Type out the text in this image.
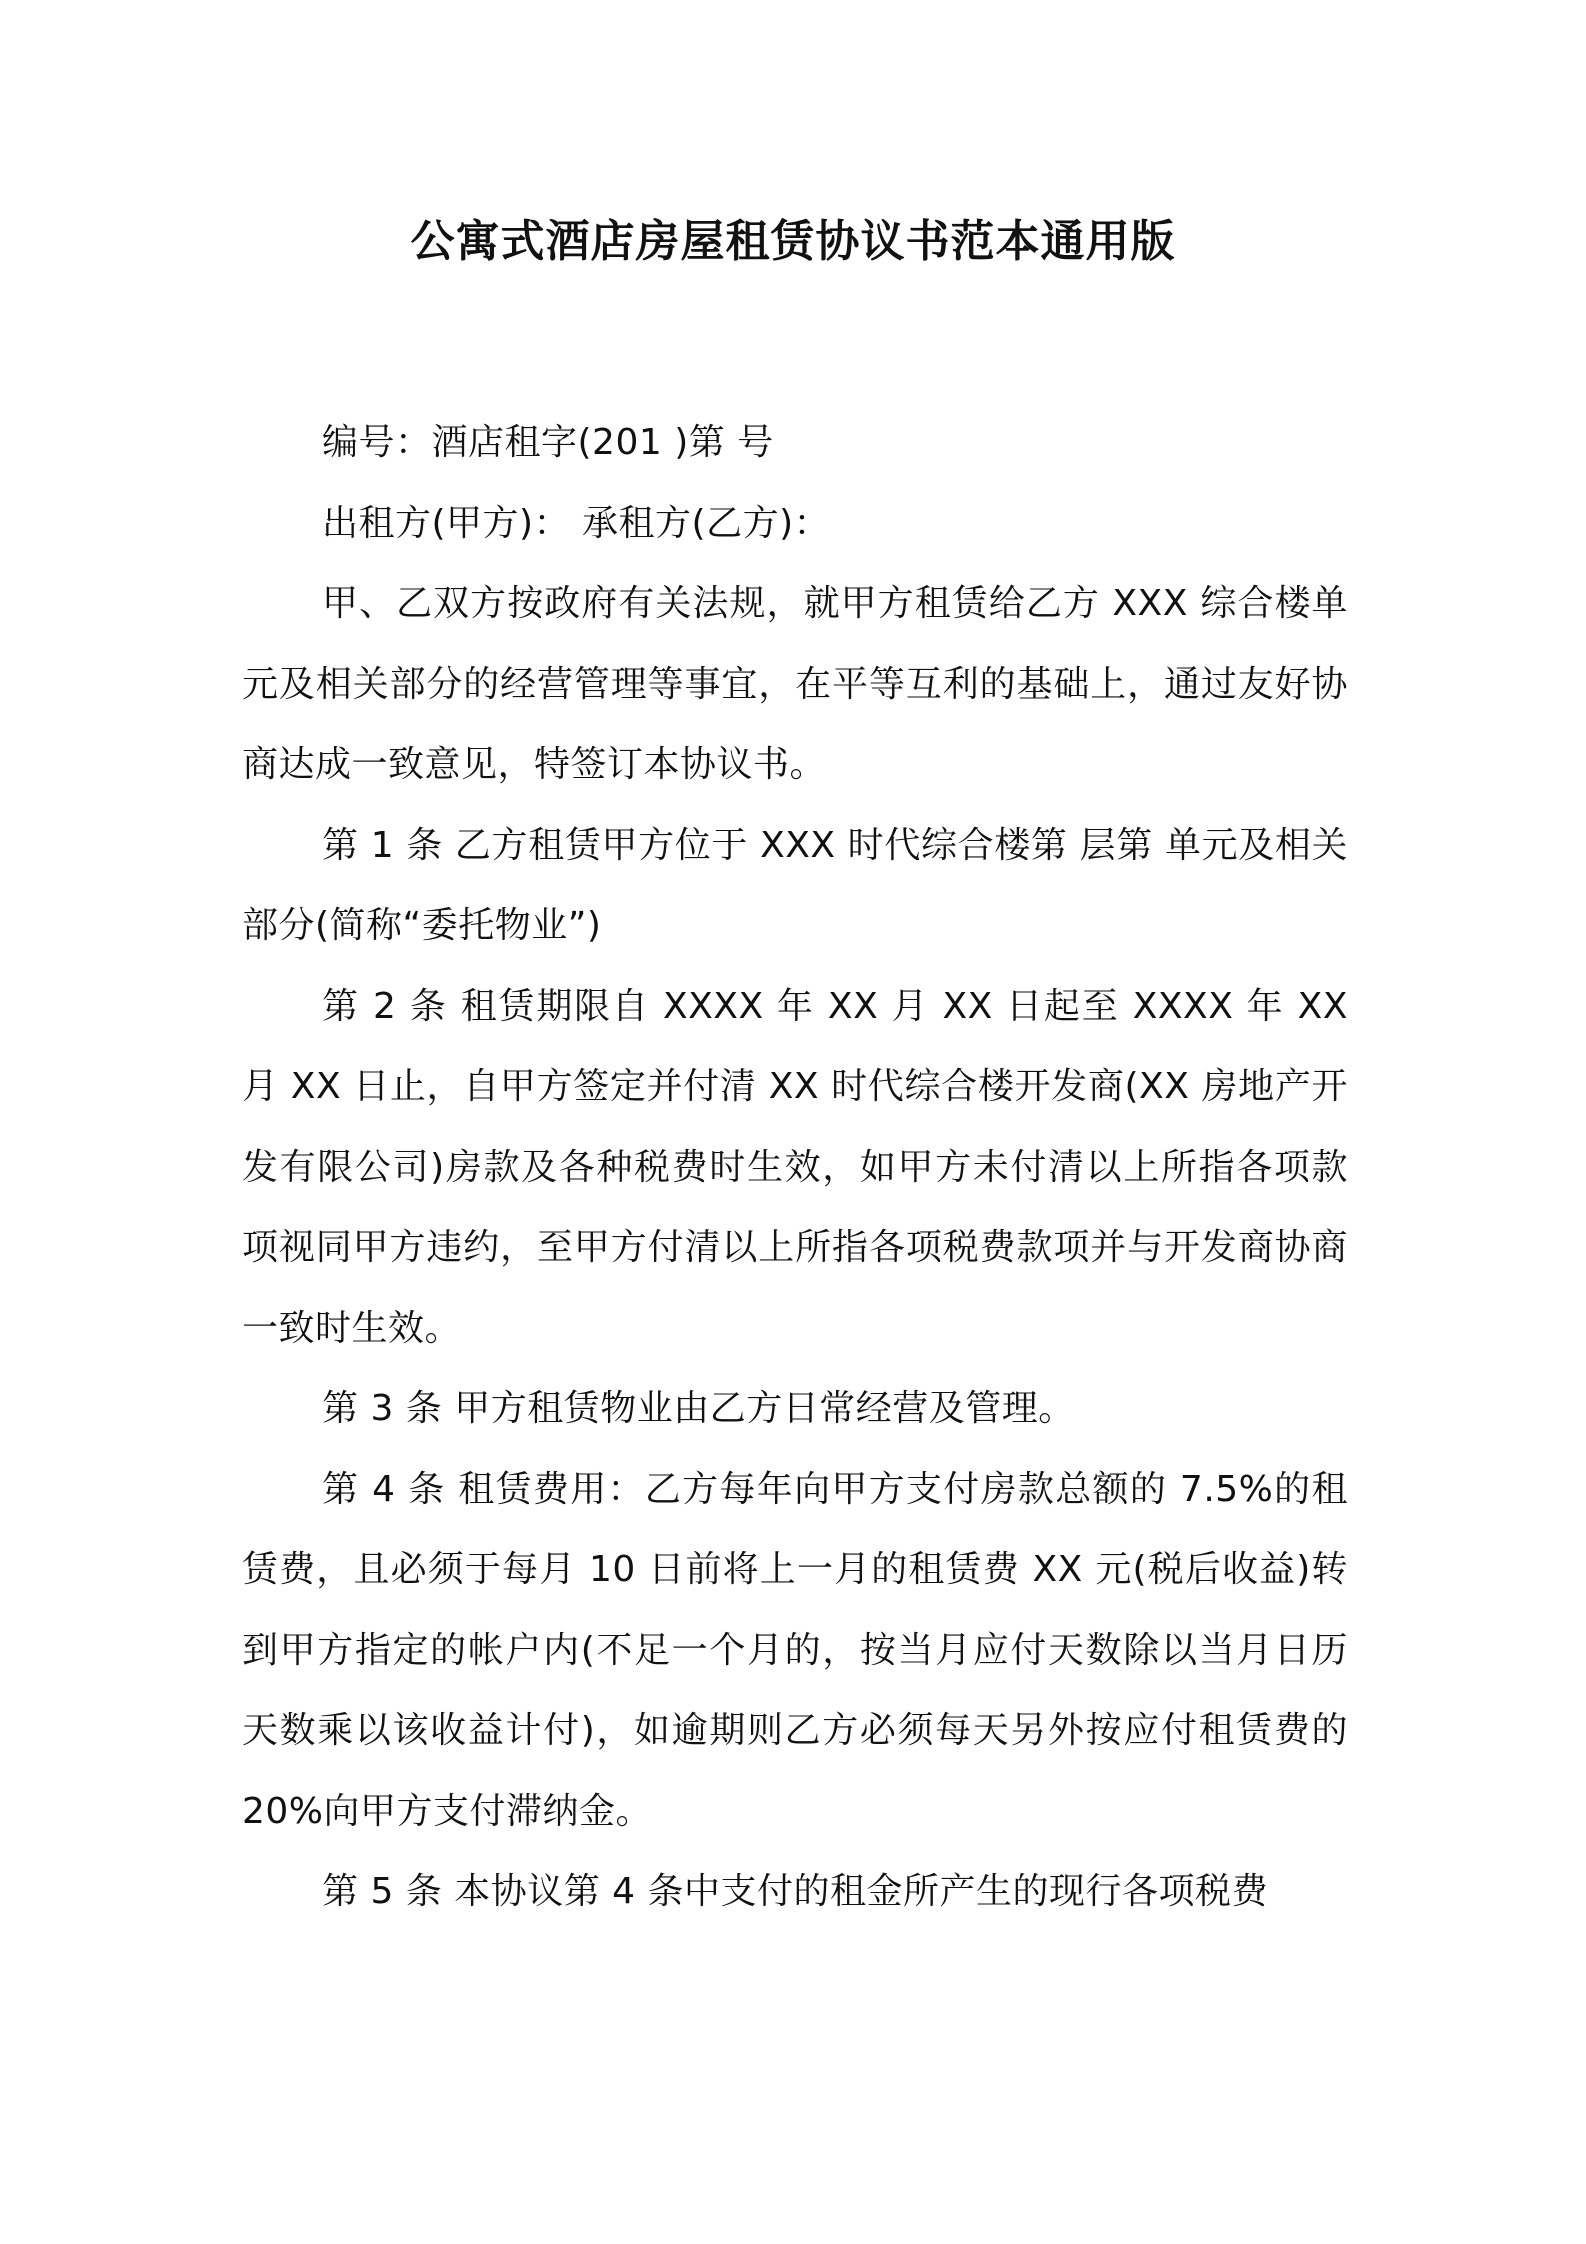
公寓式酒店房屋租赁协议书范本通用版

编号：酒店租字(201 )第 号

出租方(甲方)： 承租方(乙方)：

甲、乙双方按政府有关法规，就甲方租赁给乙方 XXX 综合楼单元及相关部分的经营管理等事宜，在平等互利的基础上，通过友好协商达成一致意见，特签订本协议书。

第 1 条 乙方租赁甲方位于 XXX 时代综合楼第 层第 单元及相关部分(简称“委托物业”)

第 2 条 租赁期限自 XXXX 年 XX 月 XX 日起至 XXXX 年 XX 月 XX 日止，自甲方签定并付清 XX 时代综合楼开发商(XX 房地产开发有限公司)房款及各种税费时生效，如甲方未付清以上所指各项款项视同甲方违约，至甲方付清以上所指各项税费款项并与开发商协商一致时生效。

第 3 条 甲方租赁物业由乙方日常经营及管理。

第 4 条 租赁费用：乙方每年向甲方支付房款总额的 7.5%的租赁费，且必须于每月 10 日前将上一月的租赁费 XX 元(税后收益)转到甲方指定的帐户内(不足一个月的，按当月应付天数除以当月日历天数乘以该收益计付)，如逾期则乙方必须每天另外按应付租赁费的 20%向甲方支付滞纳金。

第 5 条 本协议第 4 条中支付的租金所产生的现行各项税费
